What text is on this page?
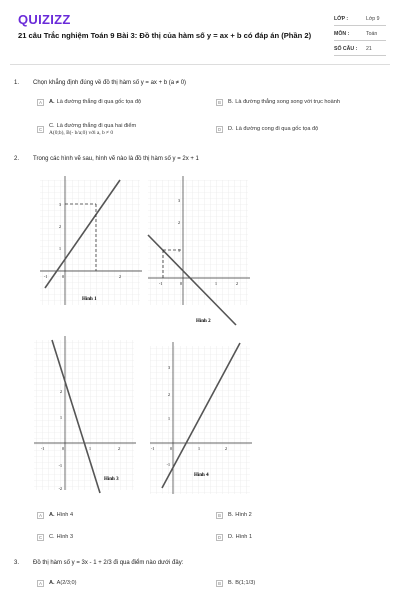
QUIZIZZ
21 câu Trắc nghiệm Toán 9 Bài 3: Đồ thị của hàm số y = ax + b có đáp án (Phần 2)
LỚP :	Lớp 9
MÔN :	Toán
SỐ CÂU : 21
1. Chọn khẳng định đúng về đồ thị hàm số y = ax + b (a ≠ 0)
A	A. Là đường thẳng đi qua gốc tọa độ	B	B. Là đường thẳng song song với trục hoành
C
C. Là đường thẳng đi qua hai điểm
A(0;b), B(- b/a;0) với a, b ≠ 0
D	D. Là đường cong đi qua gốc tọa độ
2. Trong các hình vẽ sau, hình vẽ nào là đồ thị hàm số y = 2x + 1
3
2
1
-1	0	2
Hình 1
3
2
1
-1	0	1	2
Hình 2
2
1
-1	0	1	2
-1
-2
Hình 3
3
2
1
-1	0	1	2
-1
Hình 4
A	A. Hình 4	B	B. Hình 2
C	C. Hình 3	D	D. Hình 1
3. Đồ thị hàm số y = 3x - 1 + 2/3 đi qua điểm nào dưới đây:
A	A. A(2/3;0)	B	B. B(1;1/3)
